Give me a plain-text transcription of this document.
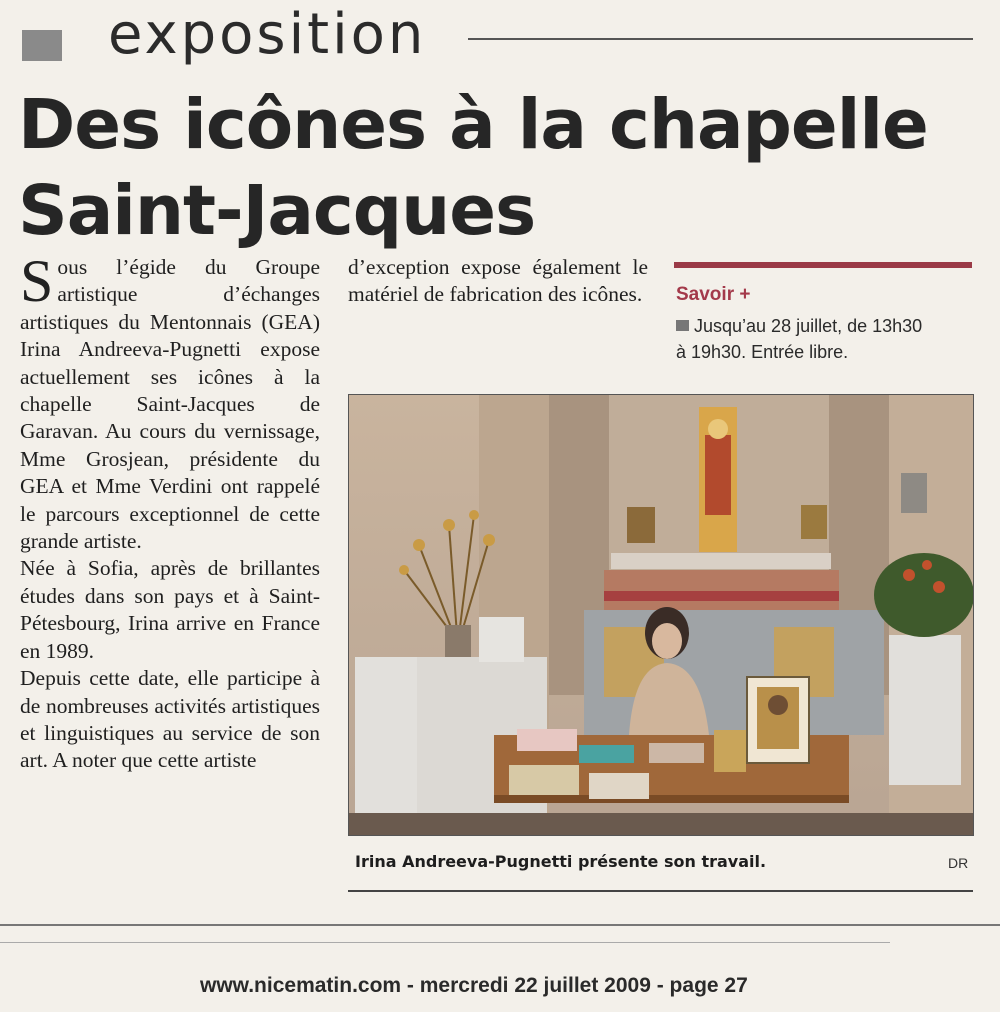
exposition
Des icônes à la chapelle
Saint-Jacques

Sous l’égide du Groupe artistique d’échanges artistiques du Mentonnais (GEA) Irina Andreeva-Pugnetti expose actuellement ses icônes à la chapelle Saint-Jacques de Garavan. Au cours du vernissage, Mme Grosjean, présidente du GEA et Mme Verdini ont rappelé le parcours exceptionnel de cette grande artiste.

Née à Sofia, après de brillantes études dans son pays et à Saint-Pétesbourg, Irina arrive en France en 1989.

Depuis cette date, elle participe à de nombreuses activités artistiques et linguistiques au service de son art. A noter que cette artiste

d’exception expose également le matériel de fabrication des icônes. Savoir +
Jusqu’au 28 juillet, de 13h30
à 19h30. Entrée libre.
Irina Andreeva-Pugnetti présente son travail.	DR
www.nicematin.com - mercredi 22 juillet 2009 - page 27
